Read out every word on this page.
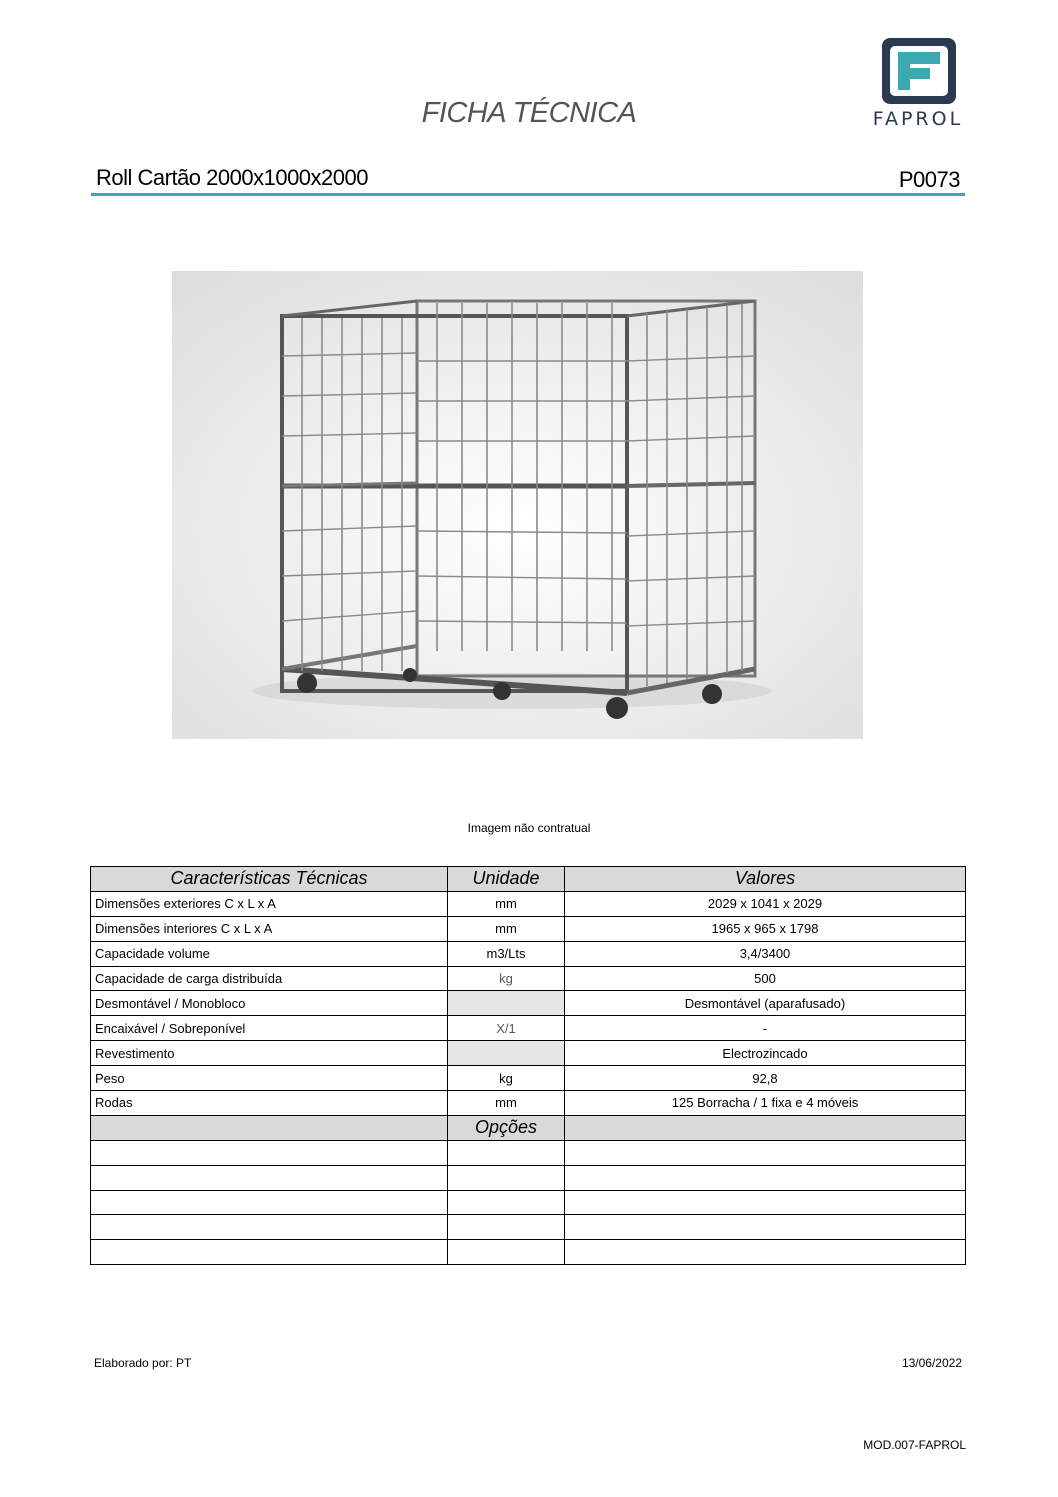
FAPROL
FICHA TÉCNICA
Roll Cartão 2000x1000x2000	P0073
Imagem não contratual
Características Técnicas	Unidade	Valores
Dimensões exteriores C x L x A	mm	2029 x 1041 x 2029
Dimensões interiores C x L x A	mm	1965 x 965 x 1798
Capacidade volume	m3/Lts	3,4/3400
Capacidade de carga distribuída	kg	500
Desmontável / Monobloco		Desmontável (aparafusado)
Encaixável / Sobreponível	X/1	-
Revestimento		Electrozincado
Peso	kg	92,8
Rodas	mm	125 Borracha / 1 fixa e 4 móveis
	Opções	

Elaborado por: PT	13/06/2022
MOD.007-FAPROL
